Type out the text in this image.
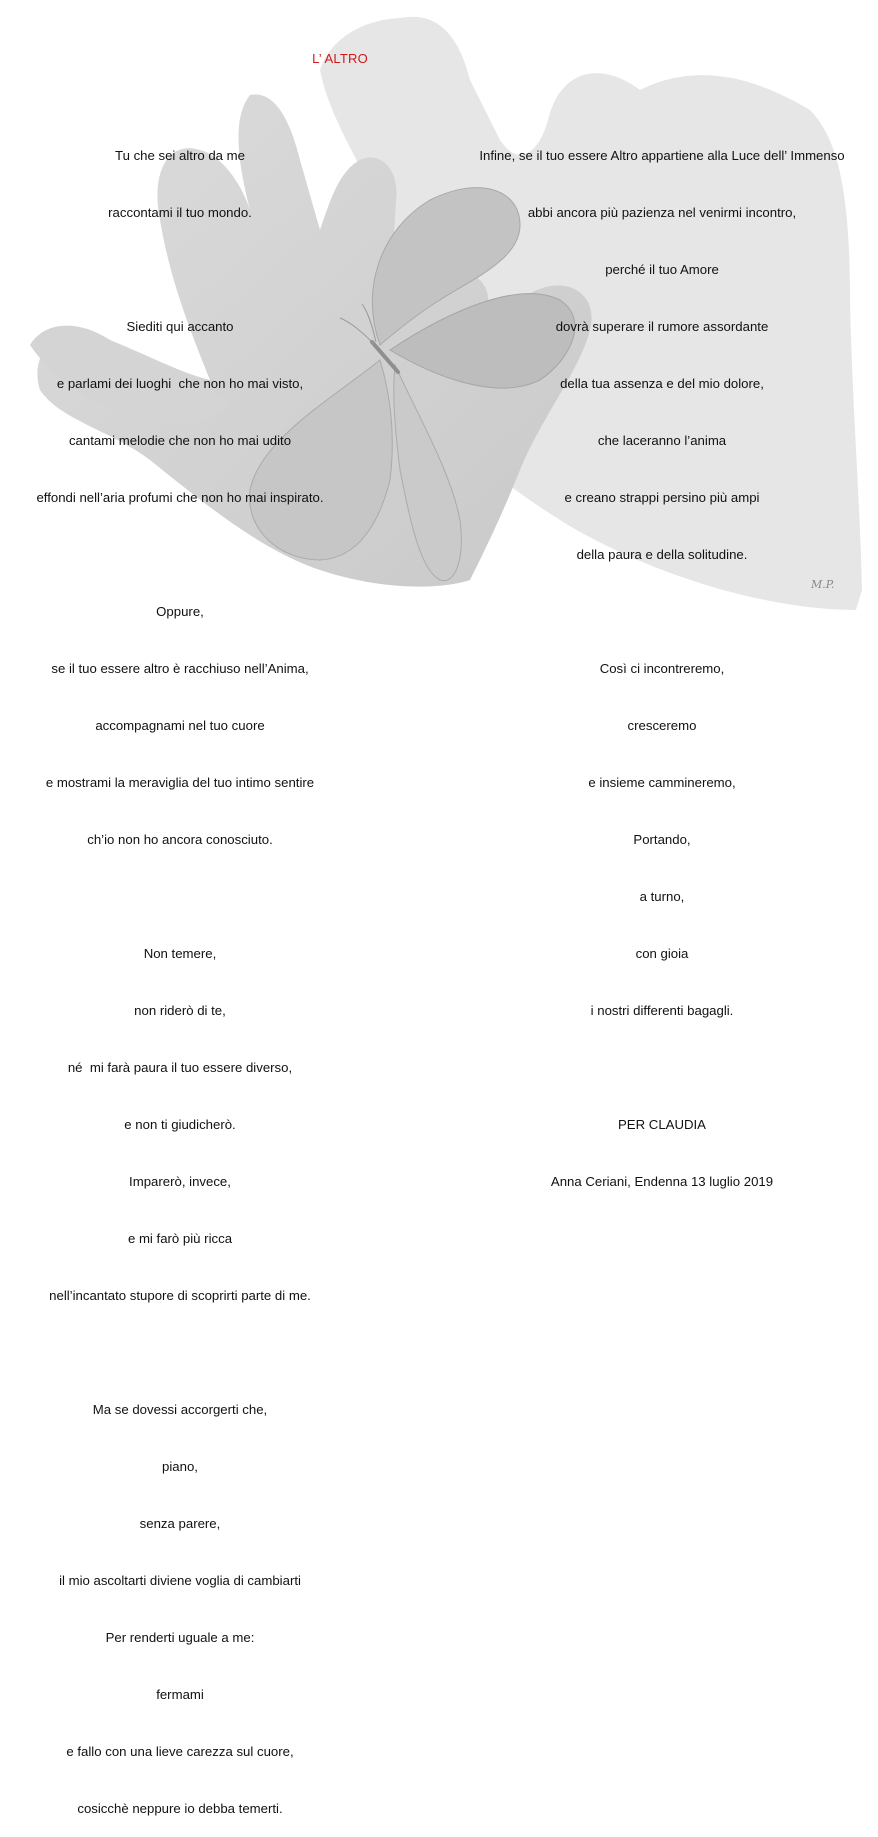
L’ ALTRO

Tu che sei altro da me

raccontami il tuo mondo.

Siediti qui accanto

e parlami dei luoghi  che non ho mai visto,

cantami melodie che non ho mai udito

effondi nell’aria profumi che non ho mai inspirato.

Oppure,

se il tuo essere altro è racchiuso nell’Anima,

accompagnami nel tuo cuore

e mostrami la meraviglia del tuo intimo sentire

ch’io non ho ancora conosciuto.

Non temere,

non riderò di te,

né  mi farà paura il tuo essere diverso,

e non ti giudicherò.

Imparerò, invece,

e mi farò più ricca

nell’incantato stupore di scoprirti parte di me.

Ma se dovessi accorgerti che,

piano,

senza parere,

il mio ascoltarti diviene voglia di cambiarti

Per renderti uguale a me:

fermami

e fallo con una lieve carezza sul cuore,

cosicchè neppure io debba temerti.

Infine, se il tuo essere Altro appartiene alla Luce dell’ Immenso

abbi ancora più pazienza nel venirmi incontro,

perché il tuo Amore

dovrà superare il rumore assordante

della tua assenza e del mio dolore,

che laceranno l’anima

e creano strappi persino più ampi

della paura e della solitudine.

Così ci incontreremo,

cresceremo

e insieme cammineremo,

Portando,

a turno,

con gioia

i nostri differenti bagagli.

PER CLAUDIA

Anna Ceriani, Endenna 13 luglio 2019

M.P.
